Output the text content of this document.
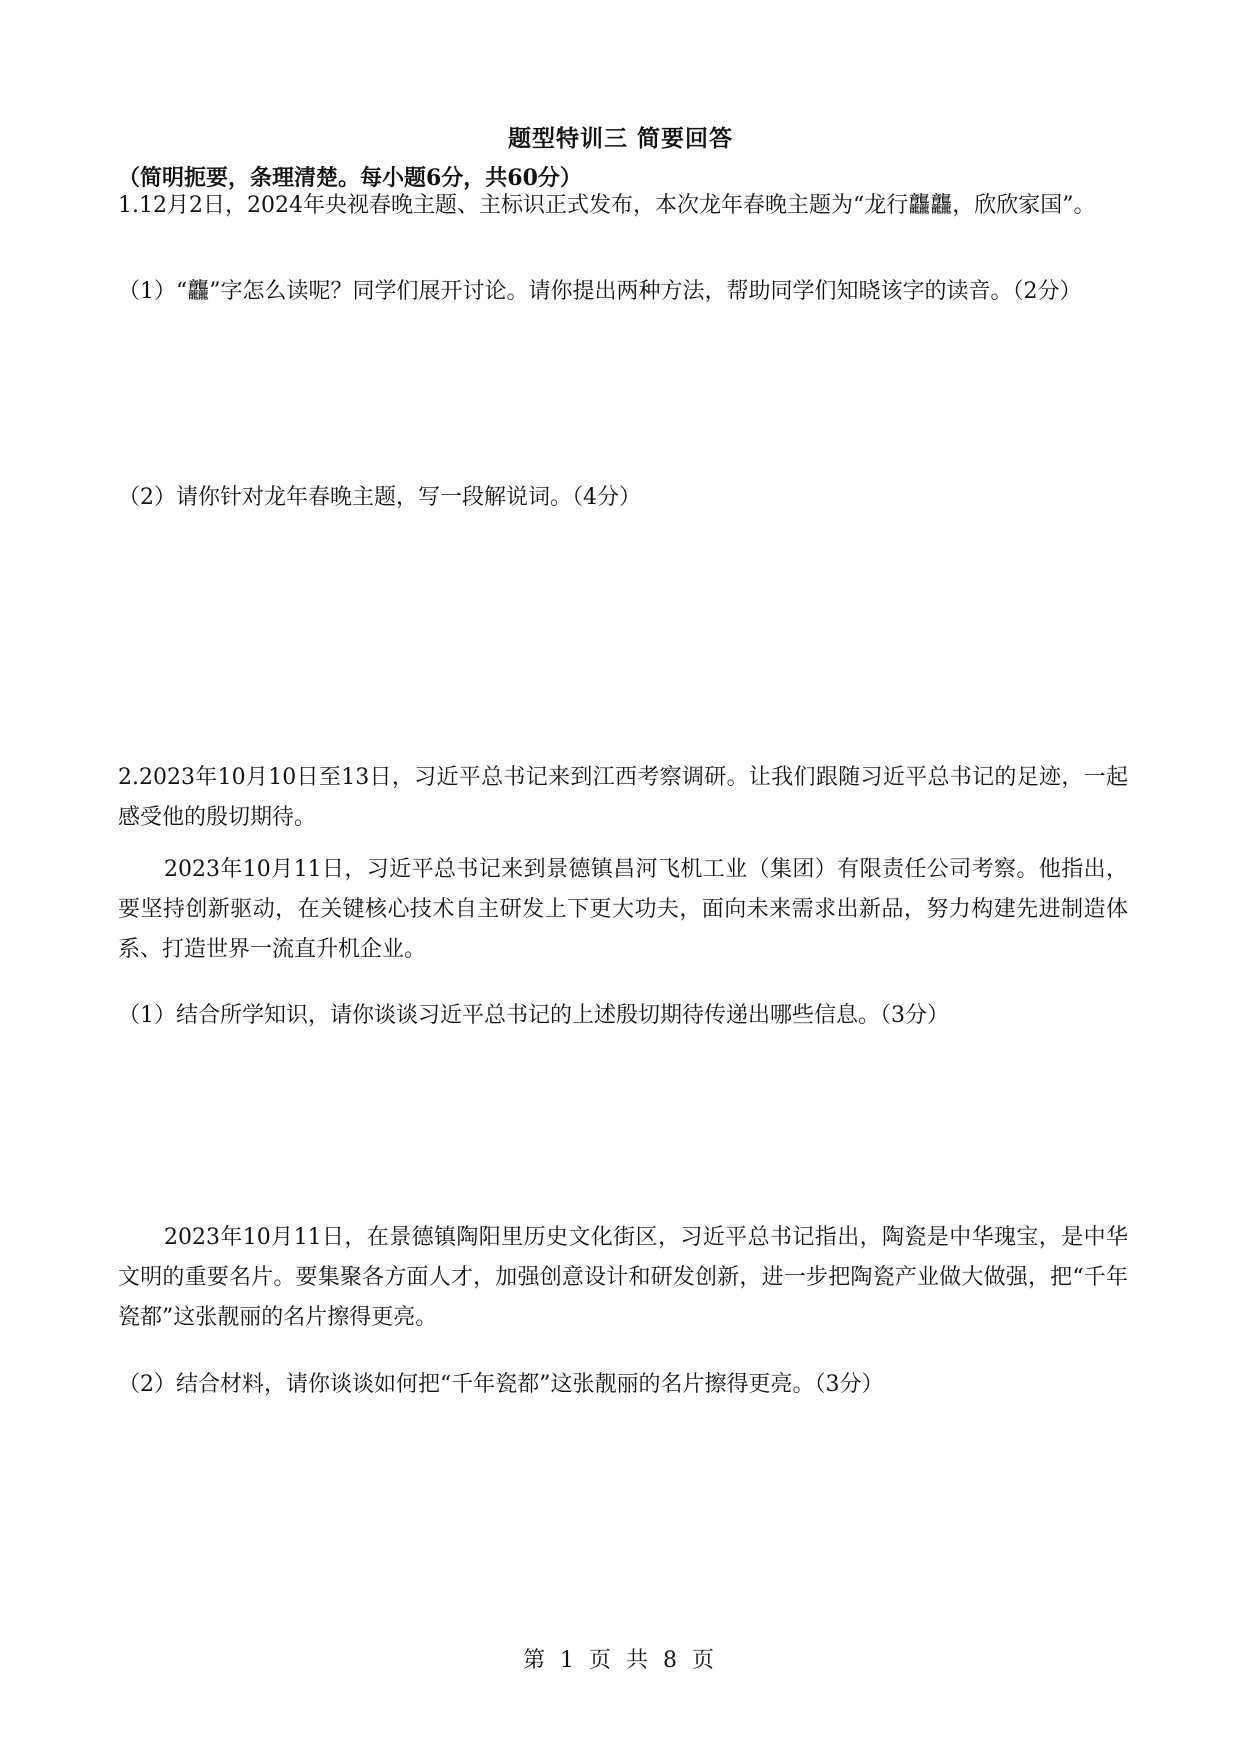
题型特训三 简要回答
（简明扼要，条理清楚。每小题6分，共60分）
1.12月2日，2024年央视春晚主题、主标识正式发布，本次龙年春晚主题为“龙行龘龘，欣欣家国”。
（1）“龘”字怎么读呢？同学们展开讨论。请你提出两种方法，帮助同学们知晓该字的读音。（2分）
（2）请你针对龙年春晚主题，写一段解说词。（4分）
2.2023年10月10日至13日，习近平总书记来到江西考察调研。让我们跟随习近平总书记的足迹，一起感受他的殷切期待。
2023年10月11日，习近平总书记来到景德镇昌河飞机工业（集团）有限责任公司考察。他指出，要坚持创新驱动，在关键核心技术自主研发上下更大功夫，面向未来需求出新品，努力构建先进制造体系、打造世界一流直升机企业。
（1）结合所学知识，请你谈谈习近平总书记的上述殷切期待传递出哪些信息。（3分）
2023年10月11日，在景德镇陶阳里历史文化街区，习近平总书记指出，陶瓷是中华瑰宝，是中华文明的重要名片。要集聚各方面人才，加强创意设计和研发创新，进一步把陶瓷产业做大做强，把“千年瓷都”这张靓丽的名片擦得更亮。
（2）结合材料，请你谈谈如何把“千年瓷都”这张靓丽的名片擦得更亮。（3分）
第 1 页 共 8 页
